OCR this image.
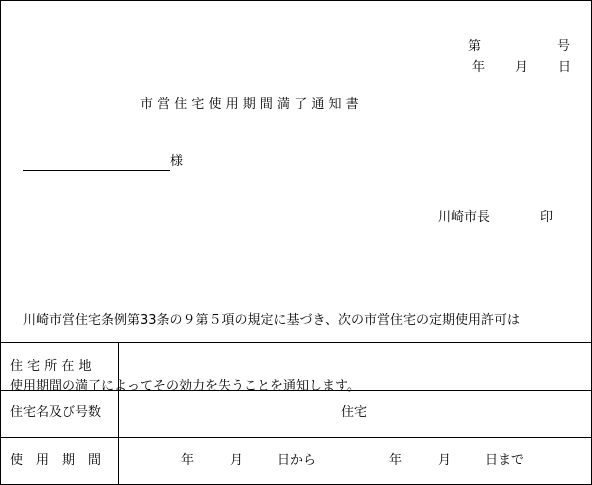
第	号
年 月 日
市 営 住 宅 使 用 期 間 満 了 通 知 書
様
川崎市長	印

　川崎市営住宅条例第33条の９第５項の規定に基づき、次の市営住宅の定期使用許可は

使用期間の満了によってその効力を失うことを通知します。

住 宅 所 在 地
住宅名及び号数	住宅
使　用　期　間	年	月	日から	年	月	日まで
